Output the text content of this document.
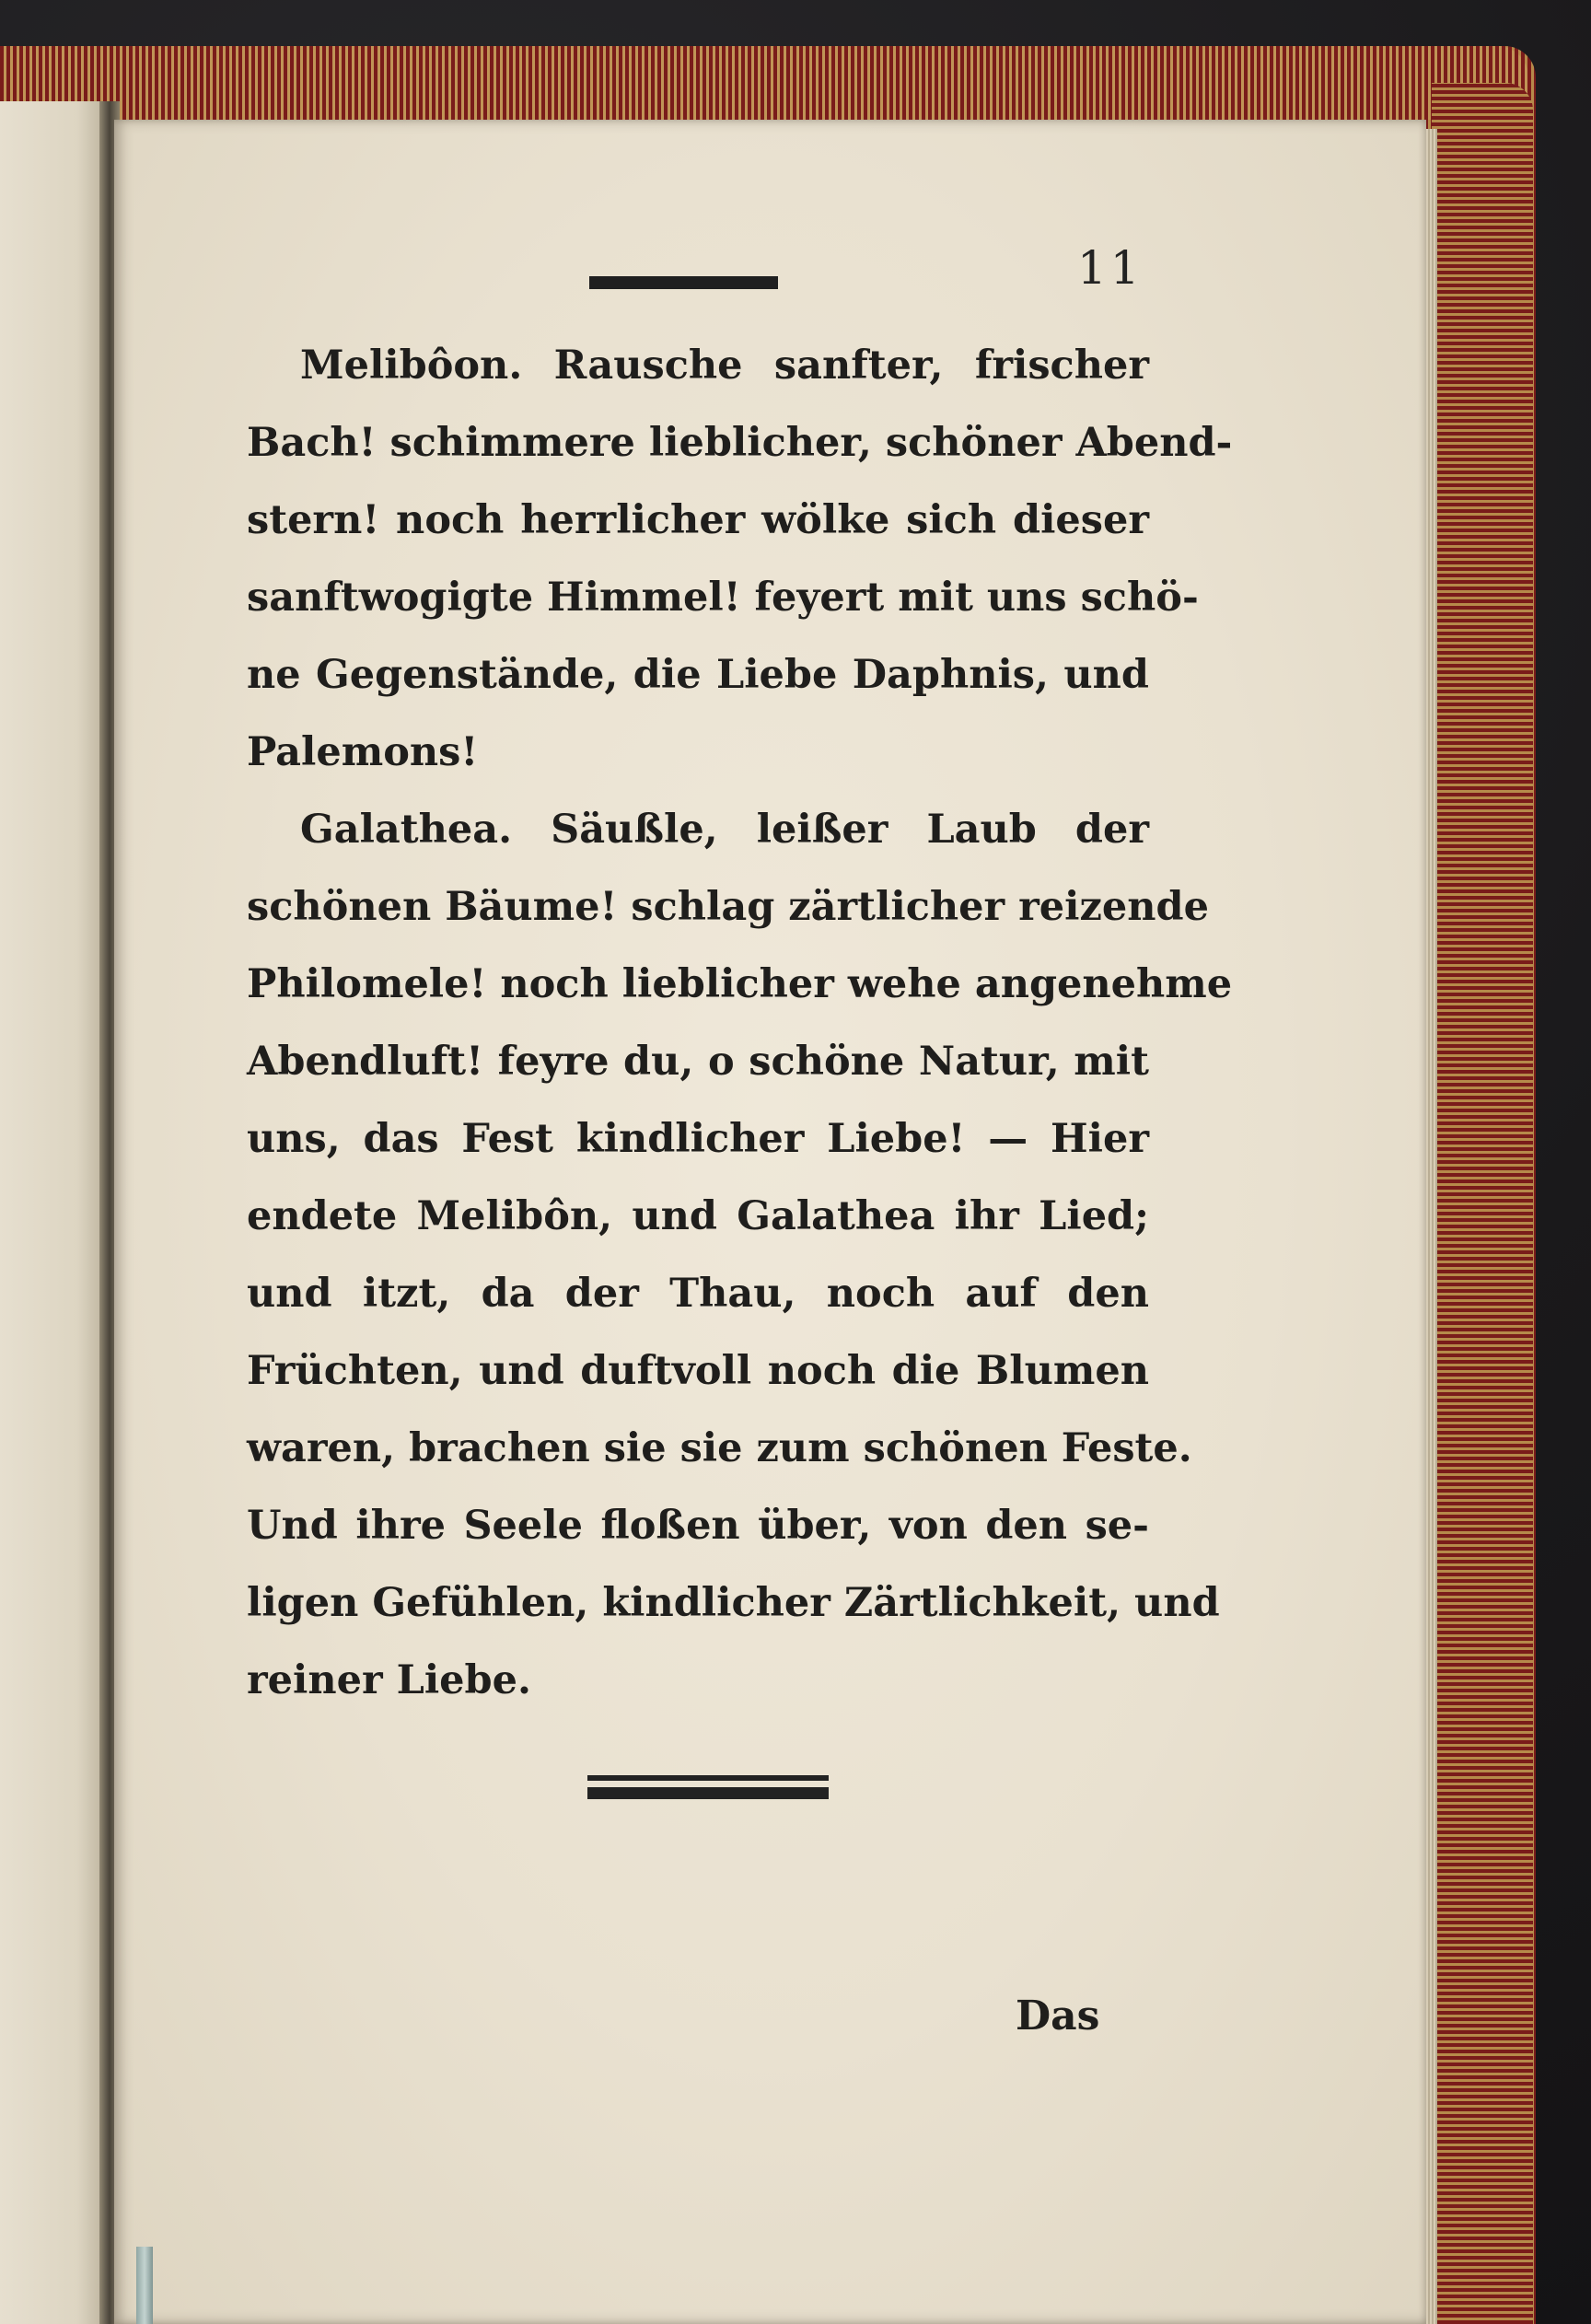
11
Melibôon. Rausche sanfter, frischer
Bach! schimmere lieblicher, schöner Abend-
stern! noch herrlicher wölke sich dieser
sanftwogigte Himmel! feyert mit uns schö-
ne Gegenstände, die Liebe Daphnis, und
Palemons!
Galathea. Säußle, leißer Laub der
schönen Bäume! schlag zärtlicher reizende
Philomele! noch lieblicher wehe angenehme
Abendluft! feyre du, o schöne Natur, mit
uns, das Fest kindlicher Liebe! — Hier
endete Melibôn, und Galathea ihr Lied;
und itzt, da der Thau, noch auf den
Früchten, und duftvoll noch die Blumen
waren, brachen sie sie zum schönen Feste.
Und ihre Seele floßen über, von den se-
ligen Gefühlen, kindlicher Zärtlichkeit, und
reiner Liebe.
Das
